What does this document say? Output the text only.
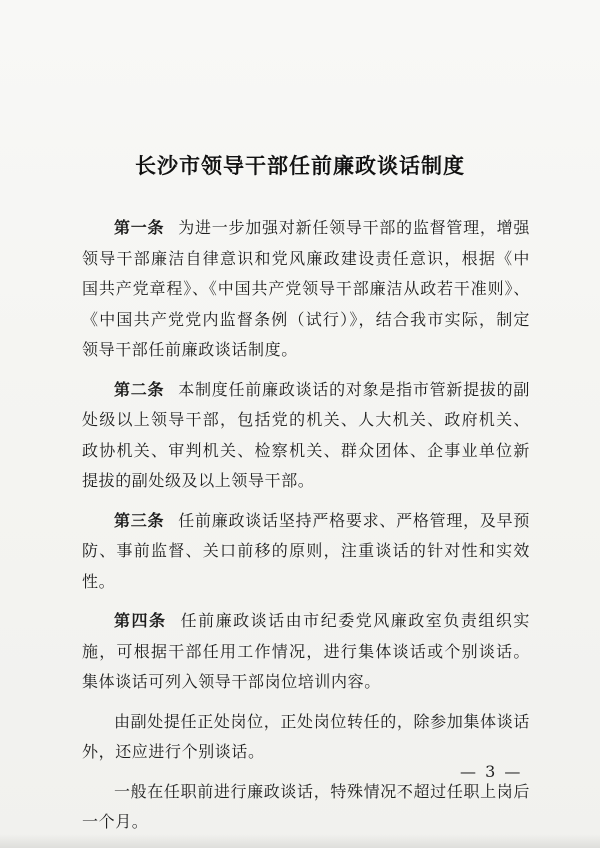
长沙市领导干部任前廉政谈话制度

第一条 为进一步加强对新任领导干部的监督管理，增强领导干部廉洁自律意识和党风廉政建设责任意识，根据《中国共产党章程》、《中国共产党领导干部廉洁从政若干准则》、《中国共产党党内监督条例（试行）》，结合我市实际，制定领导干部任前廉政谈话制度。

第二条 本制度任前廉政谈话的对象是指市管新提拔的副处级以上领导干部，包括党的机关、人大机关、政府机关、政协机关、审判机关、检察机关、群众团体、企事业单位新提拔的副处级及以上领导干部。

第三条 任前廉政谈话坚持严格要求、严格管理，及早预防、事前监督、关口前移的原则，注重谈话的针对性和实效性。

第四条 任前廉政谈话由市纪委党风廉政室负责组织实施，可根据干部任用工作情况，进行集体谈话或个别谈话。集体谈话可列入领导干部岗位培训内容。

由副处提任正处岗位，正处岗位转任的，除参加集体谈话外，还应进行个别谈话。

一般在任职前进行廉政谈话，特殊情况不超过任职上岗后一个月。

— 3 —
